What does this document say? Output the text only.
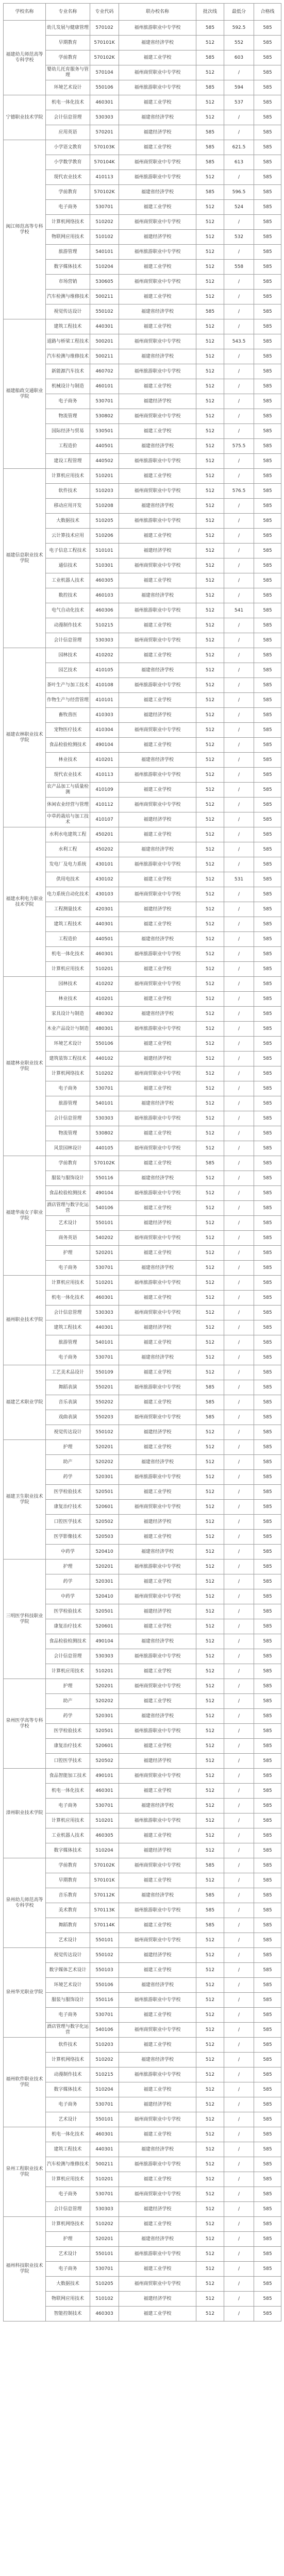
学校名称	专业名称	专业代码	联办校名称	批次线	最低分	合格线
福建幼儿师范高等专科学校	幼儿发展与健康管理	570102	福州旅游职业中专学校	585	592.5	585
	早期教育	570101K	福建省经济学校	512	552	585
	学前教育	570102K	福建工业学校	585	603	585
	婴幼儿托育服务与管理	570104	福州商贸职业中专学校	512	/	585
	环境艺术设计	550106	福州旅游职业中专学校	585	594	585
宁德职业技术学院	机电一体化技术	460301	福建工业学校	512	537	585
	会计信息管理	530303	福建省经济学校	512	/	585
	应用英语	570201	福建经济学校	585	/	585
闽江师范高等专科学校	小学语文教育	570103K	福建工业学校	585	621.5	585
	小学数学教育	570104K	福州商贸职业中专学校	585	613	585
	现代农业技术	410113	福州旅游职业中专学校	512	/	585
	学前教育	570102K	福建省经济学校	585	596.5	585
	电子商务	530701	福建工业学校	512	524	585
	计算机网络技术	510202	福州商贸职业中专学校	512	/	585
	物联网应用技术	510102	福建经济学校	512	532	585
	旅游管理	540101	福州旅游职业中专学校	512	/	585
	数字媒体技术	510204	福建工业学校	512	558	585
	市场营销	530605	福州商贸职业中专学校	512	/	585
	汽车检测与维修技术	500211	福建工业学校	512	/	585
	视觉传达设计	550102	福建省经济学校	585	/	585
福建船政交通职业学院	建筑工程技术	440301	福建工业学校	512	/	585
	道路与桥梁工程技术	500201	福州商贸职业中专学校	512	543.5	585
	汽车检测与维修技术	500211	福建省经济学校	512	/	585
	新能源汽车技术	460702	福州旅游职业中专学校	512	/	585
	机械设计与制造	460101	福建工业学校	512	/	585
	电子商务	530701	福建经济学校	512	/	585
	物流管理	530802	福州商贸职业中专学校	512	/	585
	国际经济与贸易	530501	福建工业学校	512	/	585
	工程造价	440501	福建省经济学校	512	575.5	585
	建设工程管理	440502	福州旅游职业中专学校	512	/	585
福建信息职业技术学院	计算机应用技术	510201	福建工业学校	512	/	585
	软件技术	510203	福州商贸职业中专学校	512	576.5	585
	移动应用开发	510208	福建省经济学校	512	/	585
	大数据技术	510205	福州旅游职业中专学校	512	/	585
	云计算技术应用	510206	福建工业学校	512	/	585
	电子信息工程技术	510101	福建经济学校	512	/	585
	通信技术	510301	福州商贸职业中专学校	512	/	585
	工业机器人技术	460305	福建工业学校	512	/	585
	数控技术	460103	福建省经济学校	512	/	585
	电气自动化技术	460306	福州旅游职业中专学校	512	541	585
	动漫制作技术	510215	福建工业学校	512	/	585
	会计信息管理	530303	福州商贸职业中专学校	512	/	585
福建农林职业技术学院	园林技术	410202	福建工业学校	512	/	585
	园艺技术	410105	福建省经济学校	512	/	585
	茶叶生产与加工技术	410108	福州旅游职业中专学校	512	/	585
	作物生产与经营管理	410101	福建工业学校	512	/	585
	畜牧兽医	410303	福建经济学校	512	/	585
	宠物医疗技术	410304	福州商贸职业中专学校	512	/	585
	食品检验检测技术	490104	福建工业学校	512	/	585
	林业技术	410201	福建省经济学校	512	/	585
	现代农业技术	410113	福州旅游职业中专学校	512	/	585
	农产品加工与质量检测	410109	福建工业学校	512	/	585
	休闲农业经营与管理	410112	福州商贸职业中专学校	512	/	585
	中草药栽培与加工技术	410107	福建经济学校	512	/	585
福建水利电力职业技术学院	水利水电建筑工程	450201	福建工业学校	512	/	585
	水利工程	450202	福建省经济学校	512	/	585
	发电厂及电力系统	430101	福州旅游职业中专学校	512	/	585
	供用电技术	430102	福建工业学校	512	531	585
	电力系统自动化技术	430103	福州商贸职业中专学校	512	/	585
	工程测量技术	420301	福建经济学校	512	/	585
	建筑工程技术	440301	福建工业学校	512	/	585
	工程造价	440501	福建省经济学校	512	/	585
	机电一体化技术	460301	福州旅游职业中专学校	512	/	585
	计算机应用技术	510201	福建工业学校	512	/	585
福建林业职业技术学院	园林技术	410202	福州商贸职业中专学校	512	/	585
	林业技术	410201	福建工业学校	512	/	585
	家具设计与制造	480302	福建省经济学校	512	/	585
	木业产品设计与制造	480301	福州旅游职业中专学校	512	/	585
	环境艺术设计	550106	福建工业学校	512	/	585
	建筑装饰工程技术	440102	福建经济学校	512	/	585
	计算机网络技术	510202	福州商贸职业中专学校	512	/	585
	电子商务	530701	福建工业学校	512	/	585
	旅游管理	540101	福建省经济学校	512	/	585
	会计信息管理	530303	福州旅游职业中专学校	512	/	585
	物流管理	530802	福建工业学校	512	/	585
	风景园林设计	440105	福州商贸职业中专学校	512	/	585
福建华南女子职业学院	学前教育	570102K	福建工业学校	585	/	585
	服装与服饰设计	550116	福建省经济学校	512	/	585
	食品检验检测技术	490104	福州旅游职业中专学校	512	/	585
	酒店管理与数字化运营	540106	福建工业学校	512	/	585
	艺术设计	550101	福建经济学校	512	/	585
	商务英语	540202	福州商贸职业中专学校	512	/	585
	护理	520201	福建工业学校	512	/	585
	电子商务	530701	福建省经济学校	512	/	585
福州职业技术学院	计算机应用技术	510201	福州旅游职业中专学校	512	/	585
	机电一体化技术	460301	福建工业学校	512	/	585
	会计信息管理	530303	福州商贸职业中专学校	512	/	585
	建筑工程技术	440301	福建经济学校	512	/	585
	旅游管理	540101	福建工业学校	512	/	585
	电子商务	530701	福建省经济学校	512	/	585
福建艺术职业学院	工艺美术品设计	550109	福建工业学校	512	/	585
	舞蹈表演	550201	福州旅游职业中专学校	585	/	585
	音乐表演	550202	福建工业学校	585	/	585
	戏曲表演	550203	福州商贸职业中专学校	585	/	585
	视觉传达设计	550102	福建经济学校	512	/	585
福建卫生职业技术学院	护理	520201	福建工业学校	512	/	585
	助产	520202	福建省经济学校	512	/	585
	药学	520301	福州旅游职业中专学校	512	/	585
	医学检验技术	520501	福建工业学校	512	/	585
	康复治疗技术	520601	福州商贸职业中专学校	512	/	585
	口腔医学技术	520502	福建经济学校	512	/	585
	医学影像技术	520503	福建工业学校	512	/	585
	中药学	520410	福建省经济学校	512	/	585
三明医学科技职业学院	护理	520201	福州旅游职业中专学校	512	/	585
	药学	520301	福建工业学校	512	/	585
	中药学	520410	福州商贸职业中专学校	512	/	585
	医学检验技术	520501	福建经济学校	512	/	585
	康复治疗技术	520601	福建工业学校	512	/	585
	食品检验检测技术	490104	福建省经济学校	512	/	585
	会计信息管理	530303	福州旅游职业中专学校	512	/	585
	计算机应用技术	510201	福建工业学校	512	/	585
泉州医学高等专科学校	护理	520201	福州商贸职业中专学校	512	/	585
	助产	520202	福建工业学校	512	/	585
	药学	520301	福建省经济学校	512	/	585
	医学检验技术	520501	福州旅游职业中专学校	512	/	585
	康复治疗技术	520601	福建工业学校	512	/	585
	口腔医学技术	520502	福建经济学校	512	/	585
漳州职业技术学院	食品智能加工技术	490101	福州商贸职业中专学校	512	/	585
	机电一体化技术	460301	福建工业学校	512	/	585
	电子商务	530701	福建省经济学校	512	/	585
	计算机应用技术	510201	福州旅游职业中专学校	512	/	585
	工业机器人技术	460305	福建工业学校	512	/	585
	数字媒体技术	510204	福建经济学校	512	/	585
泉州幼儿师范高等专科学校	学前教育	570102K	福州商贸职业中专学校	585	/	585
	早期教育	570101K	福建工业学校	512	/	585
	音乐教育	570112K	福建省经济学校	585	/	585
	美术教育	570113K	福州旅游职业中专学校	585	/	585
	舞蹈教育	570114K	福建工业学校	585	/	585
	艺术设计	550101	福州商贸职业中专学校	512	/	585
泉州华光职业学院	视觉传达设计	550102	福建经济学校	512	/	585
	数字媒体艺术设计	550103	福建工业学校	512	/	585
	环境艺术设计	550106	福建省经济学校	512	/	585
	服装与服饰设计	550116	福州旅游职业中专学校	512	/	585
	电子商务	530701	福建工业学校	512	/	585
	酒店管理与数字化运营	540106	福州商贸职业中专学校	512	/	585
福州软件职业技术学院	软件技术	510203	福建工业学校	512	/	585
	计算机网络技术	510202	福建省经济学校	512	/	585
	动漫制作技术	510215	福州旅游职业中专学校	512	/	585
	数字媒体技术	510204	福建工业学校	512	/	585
	电子商务	530701	福建经济学校	512	/	585
	艺术设计	550101	福州商贸职业中专学校	512	/	585
泉州工程职业技术学院	机电一体化技术	460301	福建工业学校	512	/	585
	建筑工程技术	440301	福建省经济学校	512	/	585
	汽车检测与维修技术	500211	福州旅游职业中专学校	512	/	585
	计算机应用技术	510201	福建工业学校	512	/	585
	电子商务	530701	福州商贸职业中专学校	512	/	585
	会计信息管理	530303	福建经济学校	512	/	585
福州科技职业技术学院	计算机网络技术	510202	福建工业学校	512	/	585
	护理	520201	福建省经济学校	512	/	585
	艺术设计	550101	福州旅游职业中专学校	512	/	585
	电子商务	530701	福建工业学校	512	/	585
	大数据技术	510205	福州商贸职业中专学校	512	/	585
	物联网应用技术	510102	福建经济学校	512	/	585
	智能控制技术	460303	福建工业学校	512	/	585
